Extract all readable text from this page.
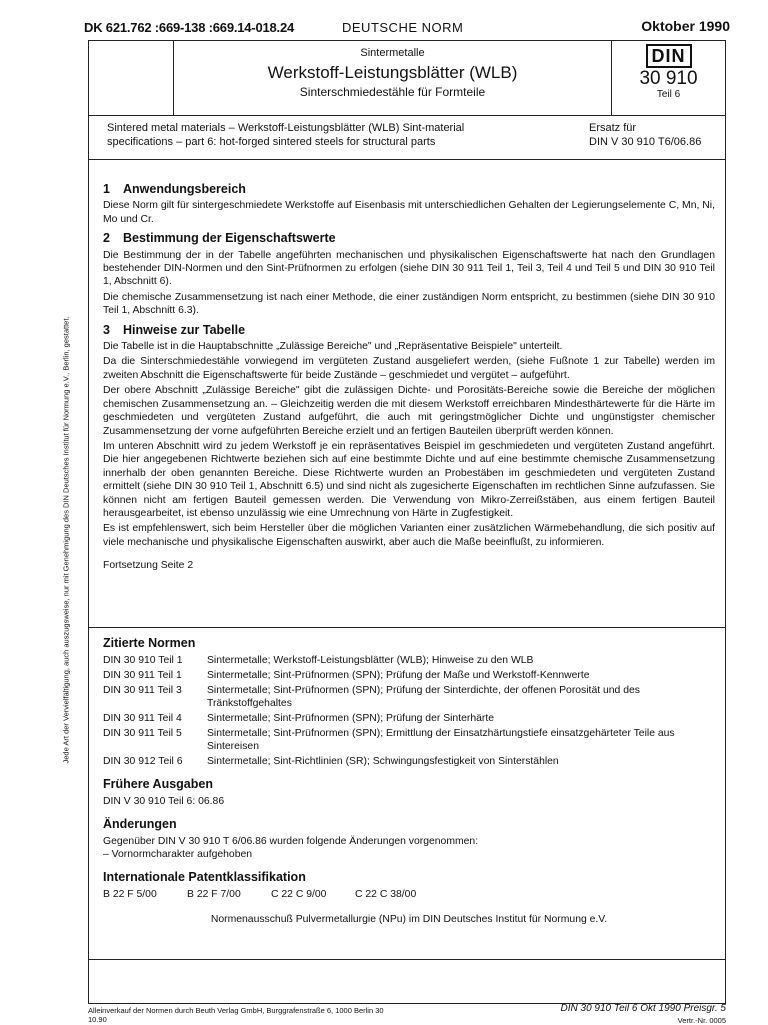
DK 621.762 :669-138 :669.14-018.24	DEUTSCHE NORM	Oktober 1990
Jede Art der Vervielfältigung, auch auszugsweise, nur mit Genehmigung des DIN Deutsches Institut für Normung e.V., Berlin, gestattet.
Sintermetalle
Werkstoff-Leistungsblätter (WLB)
Sinterschmiedestähle für Formteile
DIN
30 910
Teil 6
Sintered metal materials – Werkstoff-Leistungsblätter (WLB) Sint-material specifications – part 6: hot-forged sintered steels for structural parts
Ersatz für
DIN V 30 910 T6/06.86
1 Anwendungsbereich

Diese Norm gilt für sintergeschmiedete Werkstoffe auf Eisenbasis mit unterschiedlichen Gehalten der Legierungselemente C, Mn, Ni, Mo und Cr.

2 Bestimmung der Eigenschaftswerte

Die Bestimmung der in der Tabelle angeführten mechanischen und physikalischen Eigenschaftswerte hat nach den Grundlagen bestehender DIN-Normen und den Sint-Prüfnormen zu erfolgen (siehe DIN 30 911 Teil 1, Teil 3, Teil 4 und Teil 5 und DIN 30 910 Teil 1, Abschnitt 6).

Die chemische Zusammensetzung ist nach einer Methode, die einer zuständigen Norm entspricht, zu bestimmen (siehe DIN 30 910 Teil 1, Abschnitt 6.3).

3 Hinweise zur Tabelle

Die Tabelle ist in die Hauptabschnitte „Zulässige Bereiche" und „Repräsentative Beispiele" unterteilt.

Da die Sinterschmiedestähle vorwiegend im vergüteten Zustand ausgeliefert werden, (siehe Fußnote 1 zur Tabelle) werden im zweiten Abschnitt die Eigenschaftswerte für beide Zustände – geschmiedet und vergütet – aufgeführt.

Der obere Abschnitt „Zulässige Bereiche" gibt die zulässigen Dichte- und Porositäts-Bereiche sowie die Bereiche der möglichen chemischen Zusammensetzung an. – Gleichzeitig werden die mit diesem Werkstoff erreichbaren Mindesthärtewerte für die Härte im geschmiedeten und vergüteten Zustand aufgeführt, die auch mit geringstmöglicher Dichte und ungünstigster chemischer Zusammensetzung der vorne aufgeführten Bereiche erzielt und an fertigen Bauteilen überprüft werden können.

Im unteren Abschnitt wird zu jedem Werkstoff je ein repräsentatives Beispiel im geschmiedeten und vergüteten Zustand angeführt. Die hier angegebenen Richtwerte beziehen sich auf eine bestimmte Dichte und auf eine bestimmte chemische Zusammensetzung innerhalb der oben genannten Bereiche. Diese Richtwerte wurden an Probestäben im geschmiedeten und vergüteten Zustand ermittelt (siehe DIN 30 910 Teil 1, Abschnitt 6.5) und sind nicht als zugesicherte Eigenschaften im rechtlichen Sinne aufzufassen. Sie können nicht am fertigen Bauteil gemessen werden. Die Verwendung von Mikro-Zerreißstäben, aus einem fertigen Bauteil herausgearbeitet, ist ebenso unzulässig wie eine Umrechnung von Härte in Zugfestigkeit.

Es ist empfehlenswert, sich beim Hersteller über die möglichen Varianten einer zusätzlichen Wärmebehandlung, die sich positiv auf viele mechanische und physikalische Eigenschaften auswirkt, aber auch die Maße beeinflußt, zu informieren.

Fortsetzung Seite 2

Zitierte Normen
DIN 30 910 Teil 1	Sintermetalle; Werkstoff-Leistungsblätter (WLB); Hinweise zu den WLB
DIN 30 911 Teil 1	Sintermetalle; Sint-Prüfnormen (SPN); Prüfung der Maße und Werkstoff-Kennwerte
DIN 30 911 Teil 3	Sintermetalle; Sint-Prüfnormen (SPN); Prüfung der Sinterdichte, der offenen Porosität und des Tränkstoffgehaltes
DIN 30 911 Teil 4	Sintermetalle; Sint-Prüfnormen (SPN); Prüfung der Sinterhärte
DIN 30 911 Teil 5	Sintermetalle; Sint-Prüfnormen (SPN); Ermittlung der Einsatzhärtungstiefe einsatzgehärteter Teile aus Sintereisen
DIN 30 912 Teil 6	Sintermetalle; Sint-Richtlinien (SR); Schwingungsfestigkeit von Sinterstählen
Frühere Ausgaben
DIN V 30 910 Teil 6: 06.86
Änderungen
Gegenüber DIN V 30 910 T 6/06.86 wurden folgende Änderungen vorgenommen:
– Vornormcharakter aufgehoben
Internationale Patentklassifikation
B 22 F 5/00	B 22 F 7/00	C 22 C 9/00	C 22 C 38/00
Normenausschuß Pulvermetallurgie (NPu) im DIN Deutsches Institut für Normung e.V.
Alleinverkauf der Normen durch Beuth Verlag GmbH, Burggrafenstraße 6, 1000 Berlin 30
10.90
DIN 30 910 Teil 6 Okt 1990 Preisgr. 5
Vertr.-Nr. 0005
